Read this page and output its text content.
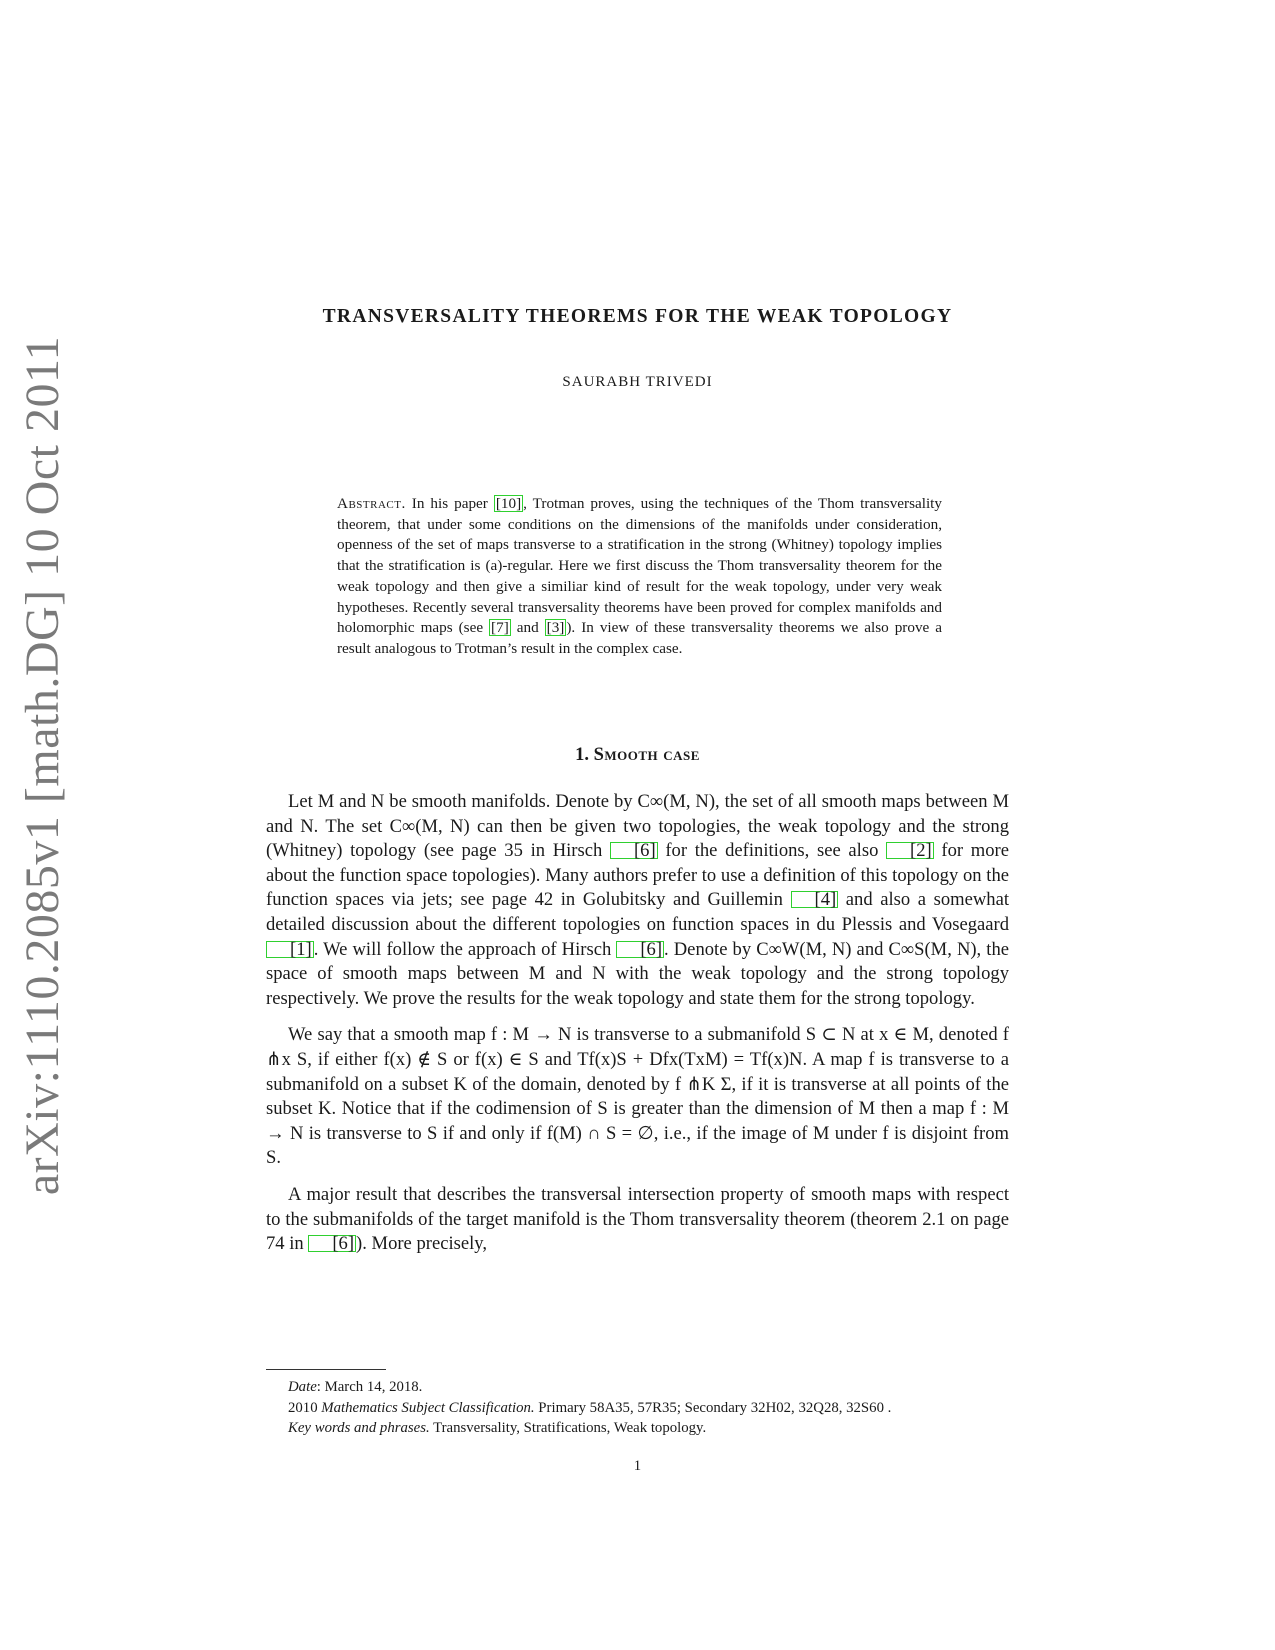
arXiv:1110.2085v1 [math.DG] 10 Oct 2011
TRANSVERSALITY THEOREMS FOR THE WEAK TOPOLOGY
SAURABH TRIVEDI

Abstract. In his paper [10] , Trotman proves, using the techniques of the Thom transversality theorem, that under some conditions on the dimensions of the manifolds under consideration, openness of the set of maps transverse to a stratification in the strong (Whitney) topology implies that the stratification is (a)-regular. Here we first discuss the Thom transversality theorem for the weak topology and then give a similiar kind of result for the weak topology, under very weak hypotheses. Recently several transversality theorems have been proved for complex manifolds and holomorphic maps (see [7] and [3] ). In view of these transversality theorems we also prove a result analogous to Trotman’s result in the complex case.

1. Smooth case

Let M and N be smooth manifolds. Denote by C∞(M, N), the set of all smooth maps between M and N. The set C∞(M, N) can then be given two topologies, the weak topology and the strong (Whitney) topology (see page 35 in Hirsch [6] for the definitions, see also [2] for more about the function space topologies). Many authors prefer to use a definition of this topology on the function spaces via jets; see page 42 in Golubitsky and Guillemin [4] and also a somewhat detailed discussion about the different topologies on function spaces in du Plessis and Vosegaard [1] . We will follow the approach of Hirsch [6] . Denote by C∞W(M, N) and C∞S(M, N), the space of smooth maps between M and N with the weak topology and the strong topology respectively. We prove the results for the weak topology and state them for the strong topology.

We say that a smooth map f : M → N is transverse to a submanifold S ⊂ N at x ∈ M, denoted f ⋔x S, if either f(x) ∉ S or f(x) ∈ S and Tf(x)S + Dfx(TxM) = Tf(x)N. A map f is transverse to a submanifold on a subset K of the domain, denoted by f ⋔K Σ, if it is transverse at all points of the subset K. Notice that if the codimension of S is greater than the dimension of M then a map f : M → N is transverse to S if and only if f(M) ∩ S = ∅, i.e., if the image of M under f is disjoint from S.

A major result that describes the transversal intersection property of smooth maps with respect to the submanifolds of the target manifold is the Thom transversality theorem (theorem 2.1 on page 74 in [6] ). More precisely,

Date: March 14, 2018.

2010 Mathematics Subject Classification. Primary 58A35, 57R35; Secondary 32H02, 32Q28, 32S60 .

Key words and phrases. Transversality, Stratifications, Weak topology.

1
